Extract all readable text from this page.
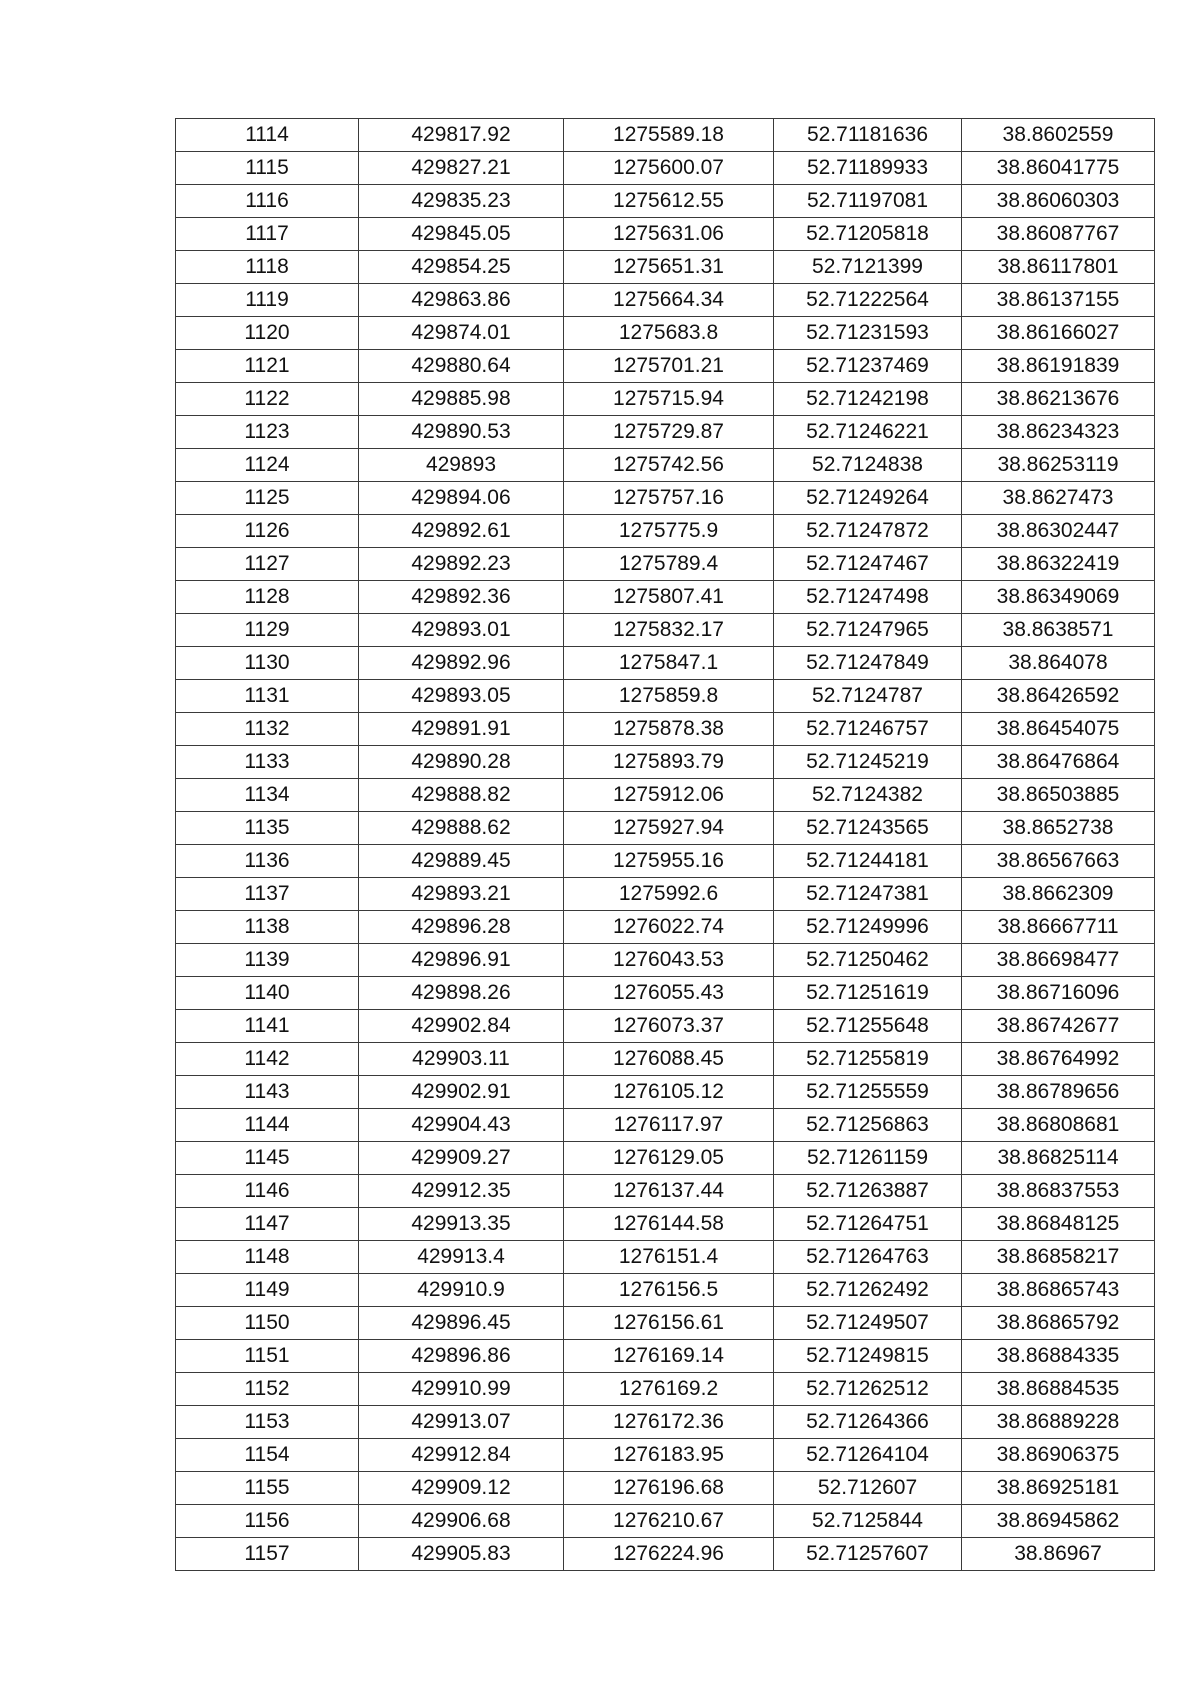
1114	429817.92	1275589.18	52.71181636	38.8602559
1115	429827.21	1275600.07	52.71189933	38.86041775
1116	429835.23	1275612.55	52.71197081	38.86060303
1117	429845.05	1275631.06	52.71205818	38.86087767
1118	429854.25	1275651.31	52.7121399	38.86117801
1119	429863.86	1275664.34	52.71222564	38.86137155
1120	429874.01	1275683.8	52.71231593	38.86166027
1121	429880.64	1275701.21	52.71237469	38.86191839
1122	429885.98	1275715.94	52.71242198	38.86213676
1123	429890.53	1275729.87	52.71246221	38.86234323
1124	429893	1275742.56	52.7124838	38.86253119
1125	429894.06	1275757.16	52.71249264	38.8627473
1126	429892.61	1275775.9	52.71247872	38.86302447
1127	429892.23	1275789.4	52.71247467	38.86322419
1128	429892.36	1275807.41	52.71247498	38.86349069
1129	429893.01	1275832.17	52.71247965	38.8638571
1130	429892.96	1275847.1	52.71247849	38.864078
1131	429893.05	1275859.8	52.7124787	38.86426592
1132	429891.91	1275878.38	52.71246757	38.86454075
1133	429890.28	1275893.79	52.71245219	38.86476864
1134	429888.82	1275912.06	52.7124382	38.86503885
1135	429888.62	1275927.94	52.71243565	38.8652738
1136	429889.45	1275955.16	52.71244181	38.86567663
1137	429893.21	1275992.6	52.71247381	38.8662309
1138	429896.28	1276022.74	52.71249996	38.86667711
1139	429896.91	1276043.53	52.71250462	38.86698477
1140	429898.26	1276055.43	52.71251619	38.86716096
1141	429902.84	1276073.37	52.71255648	38.86742677
1142	429903.11	1276088.45	52.71255819	38.86764992
1143	429902.91	1276105.12	52.71255559	38.86789656
1144	429904.43	1276117.97	52.71256863	38.86808681
1145	429909.27	1276129.05	52.71261159	38.86825114
1146	429912.35	1276137.44	52.71263887	38.86837553
1147	429913.35	1276144.58	52.71264751	38.86848125
1148	429913.4	1276151.4	52.71264763	38.86858217
1149	429910.9	1276156.5	52.71262492	38.86865743
1150	429896.45	1276156.61	52.71249507	38.86865792
1151	429896.86	1276169.14	52.71249815	38.86884335
1152	429910.99	1276169.2	52.71262512	38.86884535
1153	429913.07	1276172.36	52.71264366	38.86889228
1154	429912.84	1276183.95	52.71264104	38.86906375
1155	429909.12	1276196.68	52.712607	38.86925181
1156	429906.68	1276210.67	52.7125844	38.86945862
1157	429905.83	1276224.96	52.71257607	38.86967
